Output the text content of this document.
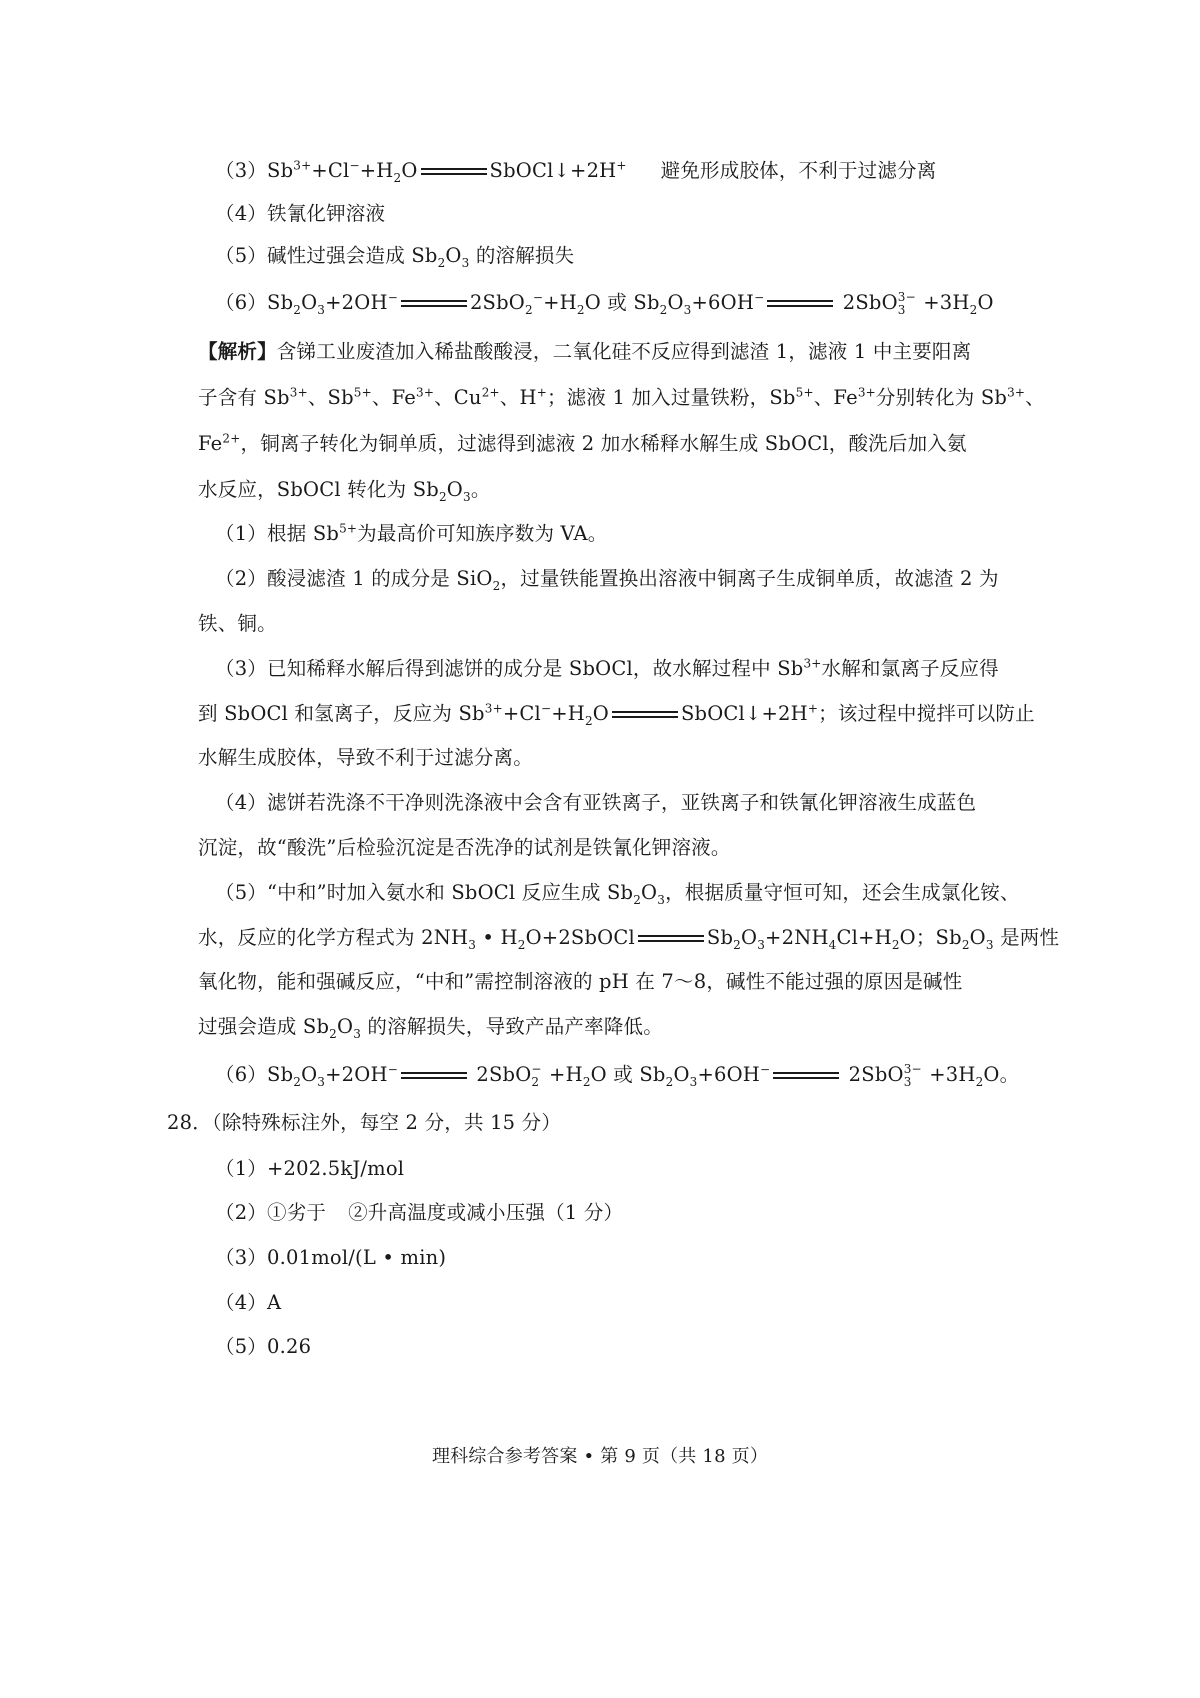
$(3)Sb^{3+}+Cl^-+H_2O$	SbOCl↓+2H+ 避免形成胶体，不利于过滤分离
（4）铁氰化钾溶液
（5）碱性过强会造成 $Sb_2O_3$ 的溶解损失
$(6)Sb_2O_3+2OH^-$	$2SbO_2^-+H_2O$ 或 $Sb_2O_3+6OH^-$	2SbO 3−
$3 +3H_2O$
【解析】含锑工业废渣加入稀盐酸酸浸，二氧化硅不反应得到滤渣 1，滤液 1 中主要阳离
子含有 $Sb^{3+}$、$Sb^{5+}$、$Fe^{3+}$、$Cu^{2+}$、H+；滤液 1 加入过量铁粉，$Sb^{5+}$、$Fe^{3+}$分别转化为 $Sb^{3+}$、
$Fe^{2+}$，铜离子转化为铜单质，过滤得到滤液 2 加水稀释水解生成 SbOCl，酸洗后加入氨
水反应，SbOCl 转化为 $Sb_2O_3$。
（1）根据 $Sb^{5+}$为最高价可知族序数为 VA。
（2）酸浸滤渣 1 的成分是 SiO$_2$，过量铁能置换出溶液中铜离子生成铜单质，故滤渣 2 为
铁、铜。
（3）已知稀释水解后得到滤饼的成分是 SbOCl，故水解过程中 $Sb^{3+}$水解和氯离子反应得
到 SbOCl 和氢离子，反应为 $Sb^{3+}+Cl^-+H_2O$	SbOCl↓+2H+；该过程中搅拌可以防止
水解生成胶体，导致不利于过滤分离。
（4）滤饼若洗涤不干净则洗涤液中会含有亚铁离子，亚铁离子和铁氰化钾溶液生成蓝色
沉淀，故“酸洗”后检验沉淀是否洗净的试剂是铁氰化钾溶液。
（5）“中和”时加入氨水和 SbOCl 反应生成 $Sb_2O_3$，根据质量守恒可知，还会生成氯化铵、
水，反应的化学方程式为 $2NH_3$ • $H_2O+2SbOCl$	$Sb_2O_3+2NH_4Cl+H_2O$；$Sb_2O_3$ 是两性
氧化物，能和强碱反应，“中和”需控制溶液的 pH 在 7～8，碱性不能过强的原因是碱性
过强会造成 $Sb_2O_3$ 的溶解损失，导致产品产率降低。
$(6)Sb_2O_3+2OH^-$	2SbO −
$2 +H_2O$ 或 $Sb_2O_3+6OH^-$	2SbO 3−
$3 +3H_2O$。
28．（除特殊标注外，每空 2 分，共 15 分）
（1）+202.5kJ/mol
（2）①劣于 ②升高温度或减小压强（1 分）
（3）0.01mol/(L • min)
（4）A
（5）0.26
理科综合参考答案 • 第 9 页（共 18 页）
